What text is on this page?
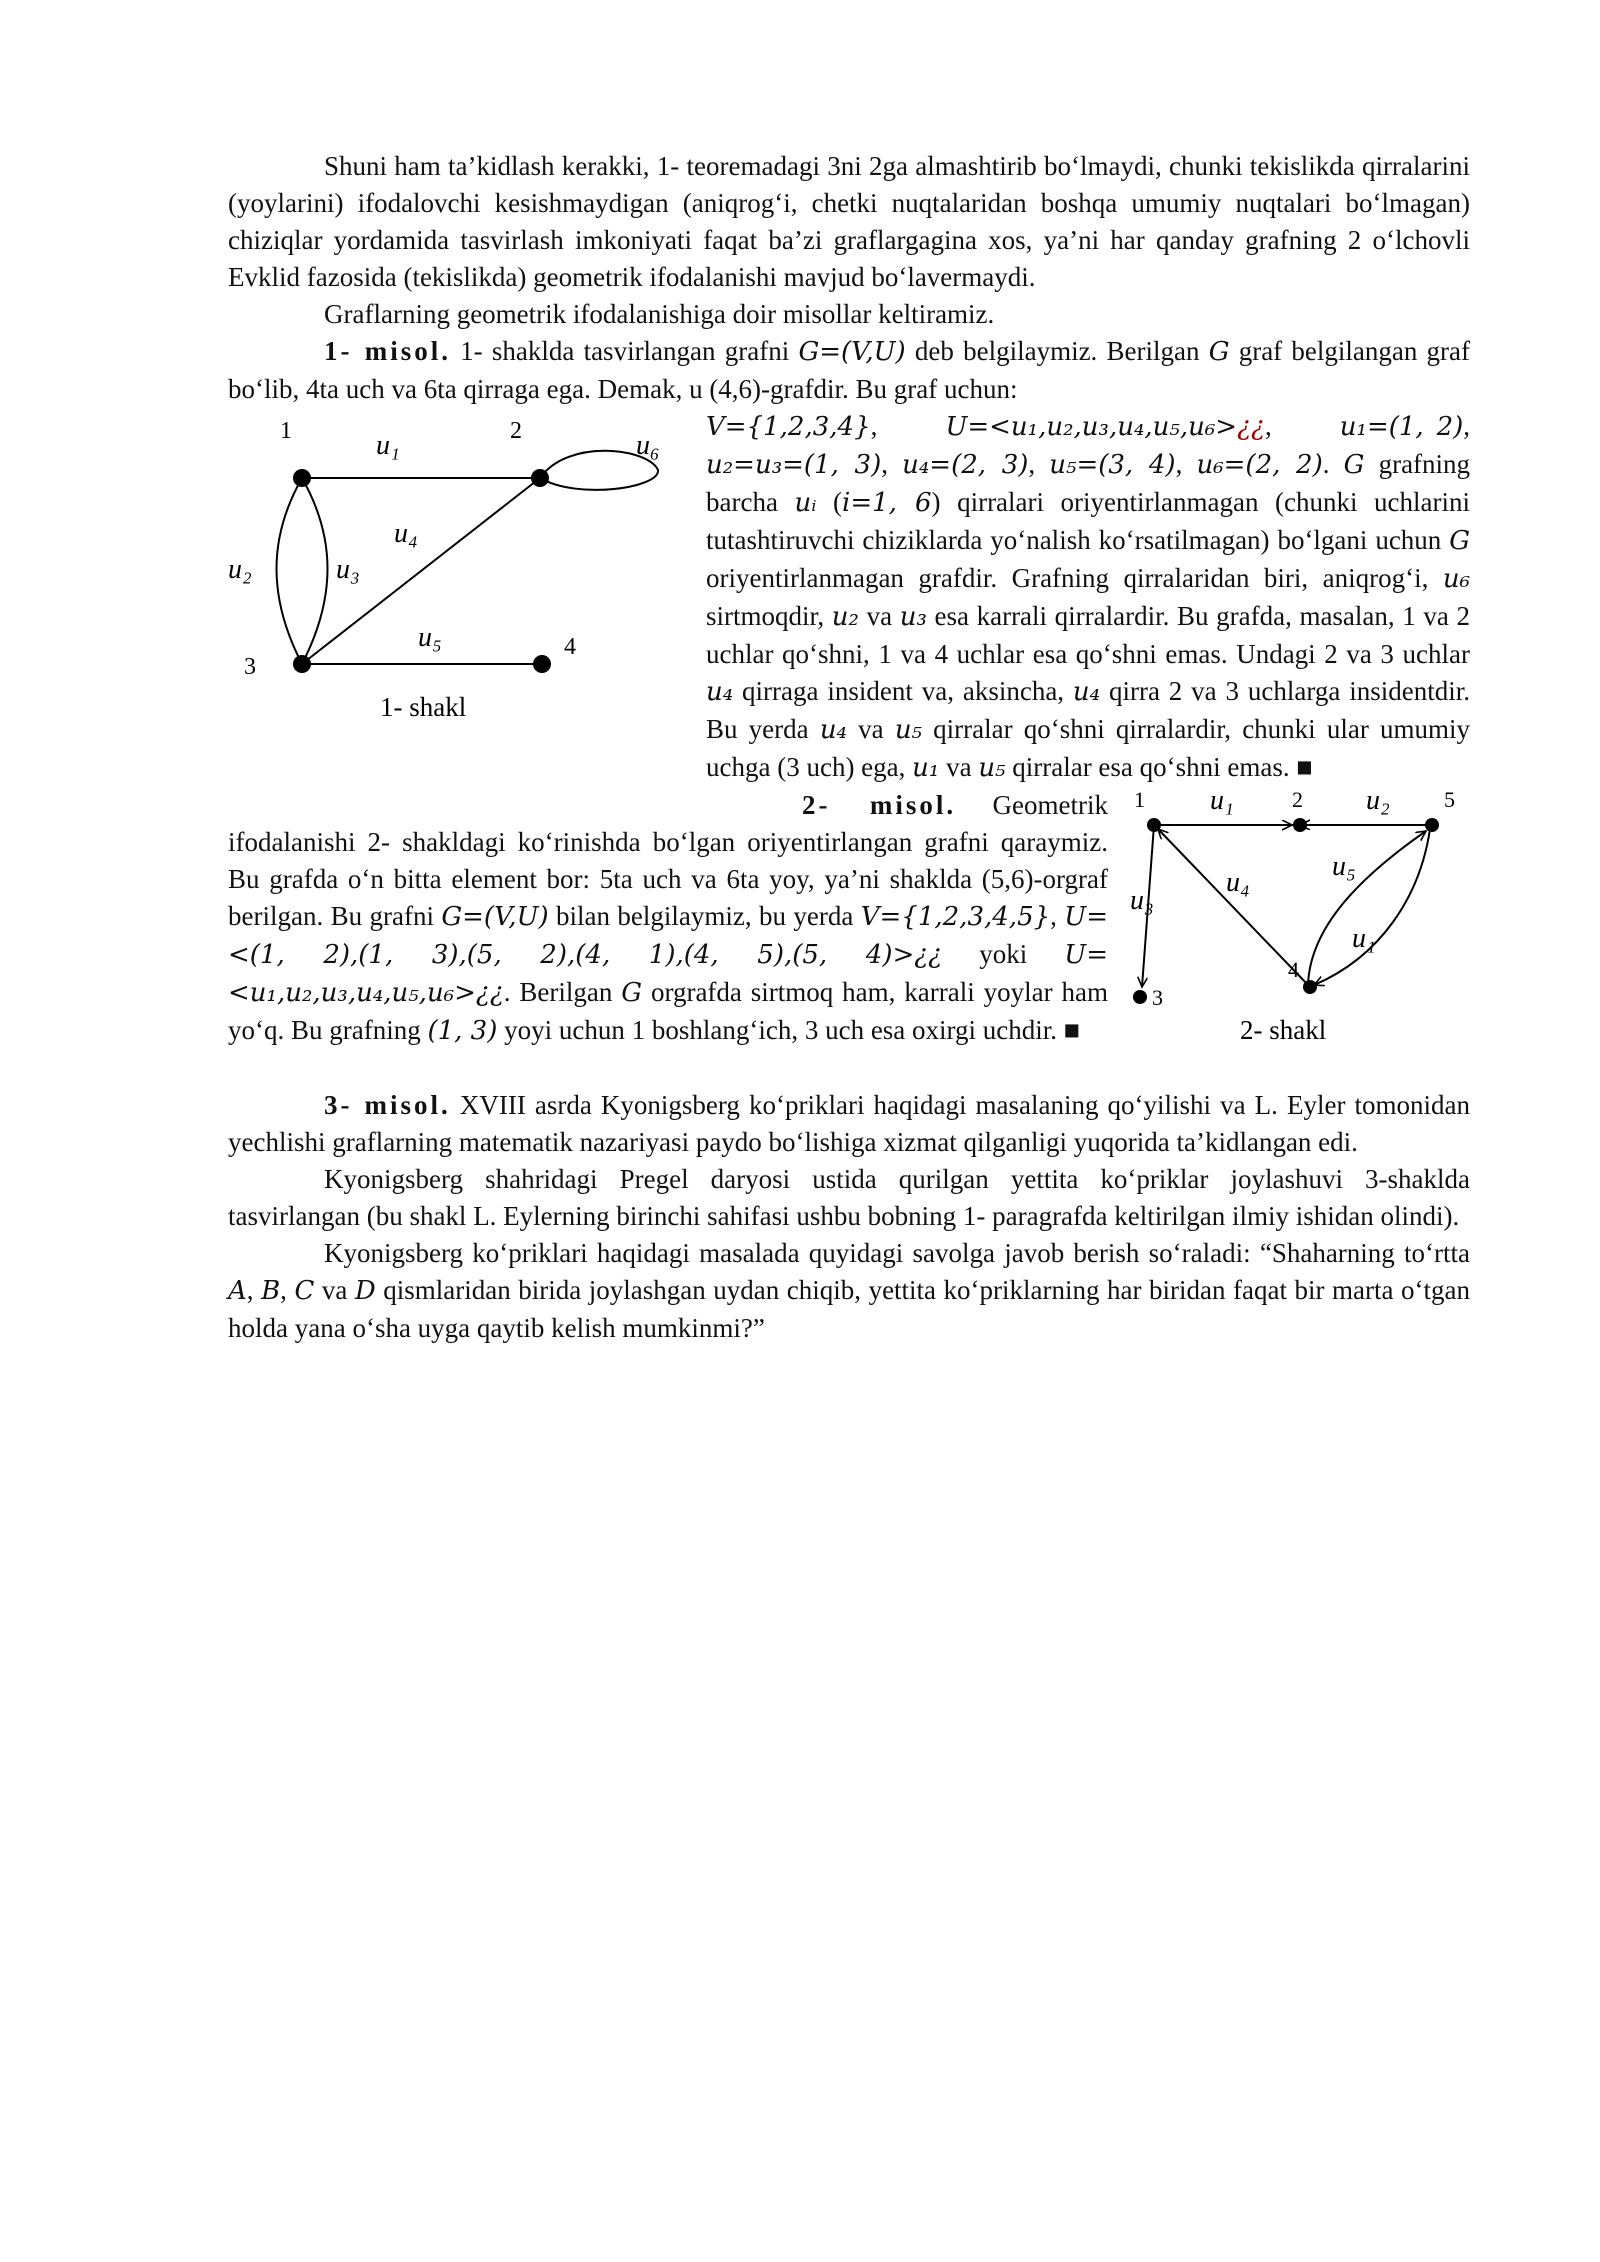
Shuni ham ta’kidlash kerakki, 1- teoremadagi 3ni 2ga almashtirib bo‘lmaydi, chunki tekislikda qirralarini (yoylarini) ifodalovchi kesishmaydigan (aniqrog‘i, chetki nuqtalaridan boshqa umumiy nuqtalari bo‘lmagan) chiziqlar yordamida tasvirlash imkoniyati faqat ba’zi graflargagina xos, ya’ni har qanday grafning 2 o‘lchovli Evklid fazosida (tekislikda) geometrik ifodalanishi mavjud bo‘lavermaydi.

Graflarning geometrik ifodalanishiga doir misollar keltiramiz.

1- misol. 1- shaklda tasvirlangan grafni G=(V,U) deb belgilaymiz. Berilgan G graf belgilangan graf bo‘lib, 4ta uch va 6ta qirraga ega. Demak, u (4,6)-grafdir. Bu graf uchun:

1	2
3
4
u₁
u₂	u₃
u₄
u₅
u₆
1- shakl

V={1,2,3,4},      U=<u₁,u₂,u₃,u₄,u₅,u₆>¿¿,      u₁=(1, 2), u₂=u₃=(1, 3), u₄=(2, 3), u₅=(3, 4), u₆=(2, 2). G grafning barcha uᵢ (i=1, 6) qirralari oriyentirlanmagan (chunki uchlarini tutashtiruvchi chiziklarda yo‘nalish ko‘rsatilmagan) bo‘lgani uchun G oriyentirlanmagan grafdir. Grafning qirralaridan biri, aniqrog‘i, u₆ sirtmoqdir, u₂ va u₃ esa karrali qirralardir. Bu grafda, masalan, 1 va 2 uchlar qo‘shni, 1 va 4 uchlar esa qo‘shni emas. Undagi 2 va 3 uchlar u₄ qirraga insident va, aksincha, u₄ qirra 2 va 3 uchlarga insidentdir. Bu yerda u₄ va u₅ qirralar qo‘shni qirralardir, chunki ular umumiy uchga (3 uch) ega, u₁ va u₅ qirralar esa qo‘shni emas. ■

1	2	5
4
3
u₁	u₂
u₃
u₄
u₅
u₁
2- shakl

2- misol. Geometrik ifodalanishi 2- shakldagi ko‘rinishda bo‘lgan oriyentirlangan grafni qaraymiz. Bu grafda o‘n bitta element bor: 5ta uch va 6ta yoy, ya’ni shaklda (5,6)-orgraf berilgan. Bu grafni G=(V,U) bilan belgilaymiz, bu yerda V={1,2,3,4,5}, U=<(1, 2),(1, 3),(5, 2),(4, 1),(4, 5),(5, 4)>¿¿ yoki U=<u₁,u₂,u₃,u₄,u₅,u₆>¿¿. Berilgan G orgrafda sirtmoq ham, karrali yoylar ham yo‘q. Bu grafning (1, 3) yoyi uchun 1 boshlang‘ich, 3 uch esa oxirgi uchdir. ■

3- misol. XVIII asrda Kyonigsberg ko‘priklari haqidagi masalaning qo‘yilishi va L. Eyler tomonidan yechlishi graflarning matematik nazariyasi paydo bo‘lishiga xizmat qilganligi yuqorida ta’kidlangan edi.

Kyonigsberg shahridagi Pregel daryosi ustida qurilgan yettita ko‘priklar joylashuvi 3-shaklda tasvirlangan (bu shakl L. Eylerning birinchi sahifasi ushbu bobning 1- paragrafda keltirilgan ilmiy ishidan olindi).

Kyonigsberg ko‘priklari haqidagi masalada quyidagi savolga javob berish so‘raladi: “Shaharning to‘rtta A, B, C va D qismlaridan birida joylashgan uydan chiqib, yettita ko‘priklarning har biridan faqat bir marta o‘tgan holda yana o‘sha uyga qaytib kelish mumkinmi?”
